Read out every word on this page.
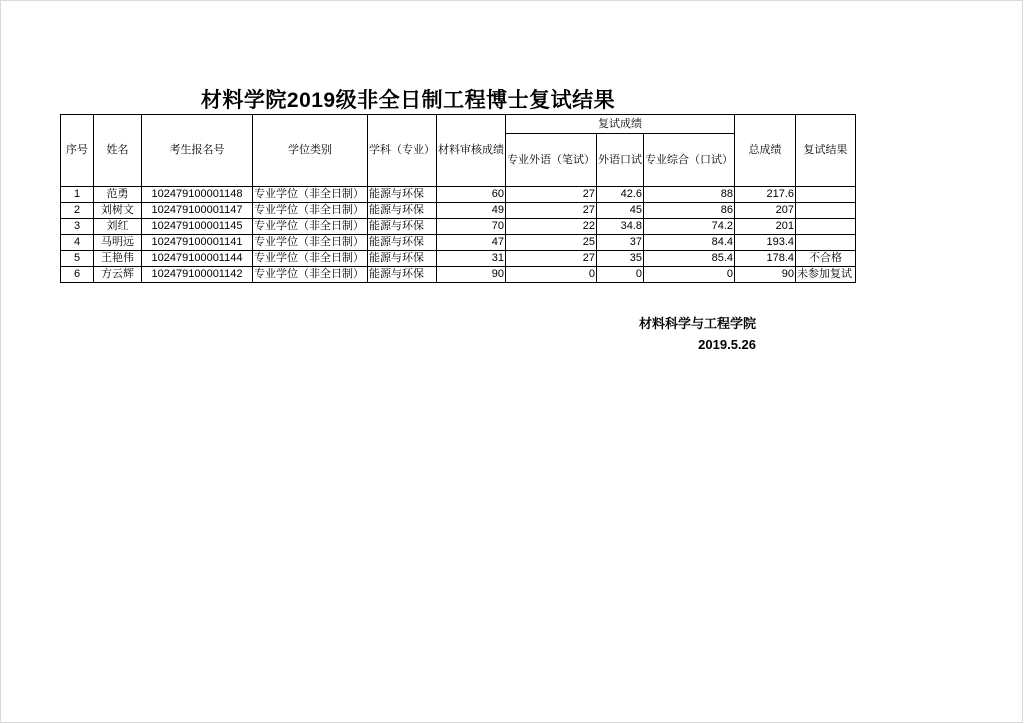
材料学院2019级非全日制工程博士复试结果
序号	姓名	考生报名号	学位类别	学科（专业）	材料审核成绩	复试成绩			总成绩	复试结果
						专业外语（笔试）	外语口试	专业综合（口试）		
1	范勇	102479100001148	专业学位（非全日制）	能源与环保	60	27	42.6	88	217.6	
2	刘树文	102479100001147	专业学位（非全日制）	能源与环保	49	27	45	86	207	
3	刘红	102479100001145	专业学位（非全日制）	能源与环保	70	22	34.8	74.2	201	
4	马明远	102479100001141	专业学位（非全日制）	能源与环保	47	25	37	84.4	193.4	
5	王艳伟	102479100001144	专业学位（非全日制）	能源与环保	31	27	35	85.4	178.4	不合格
6	方云辉	102479100001142	专业学位（非全日制）	能源与环保	90	0	0	0	90	未参加复试
材料科学与工程学院
2019.5.26
